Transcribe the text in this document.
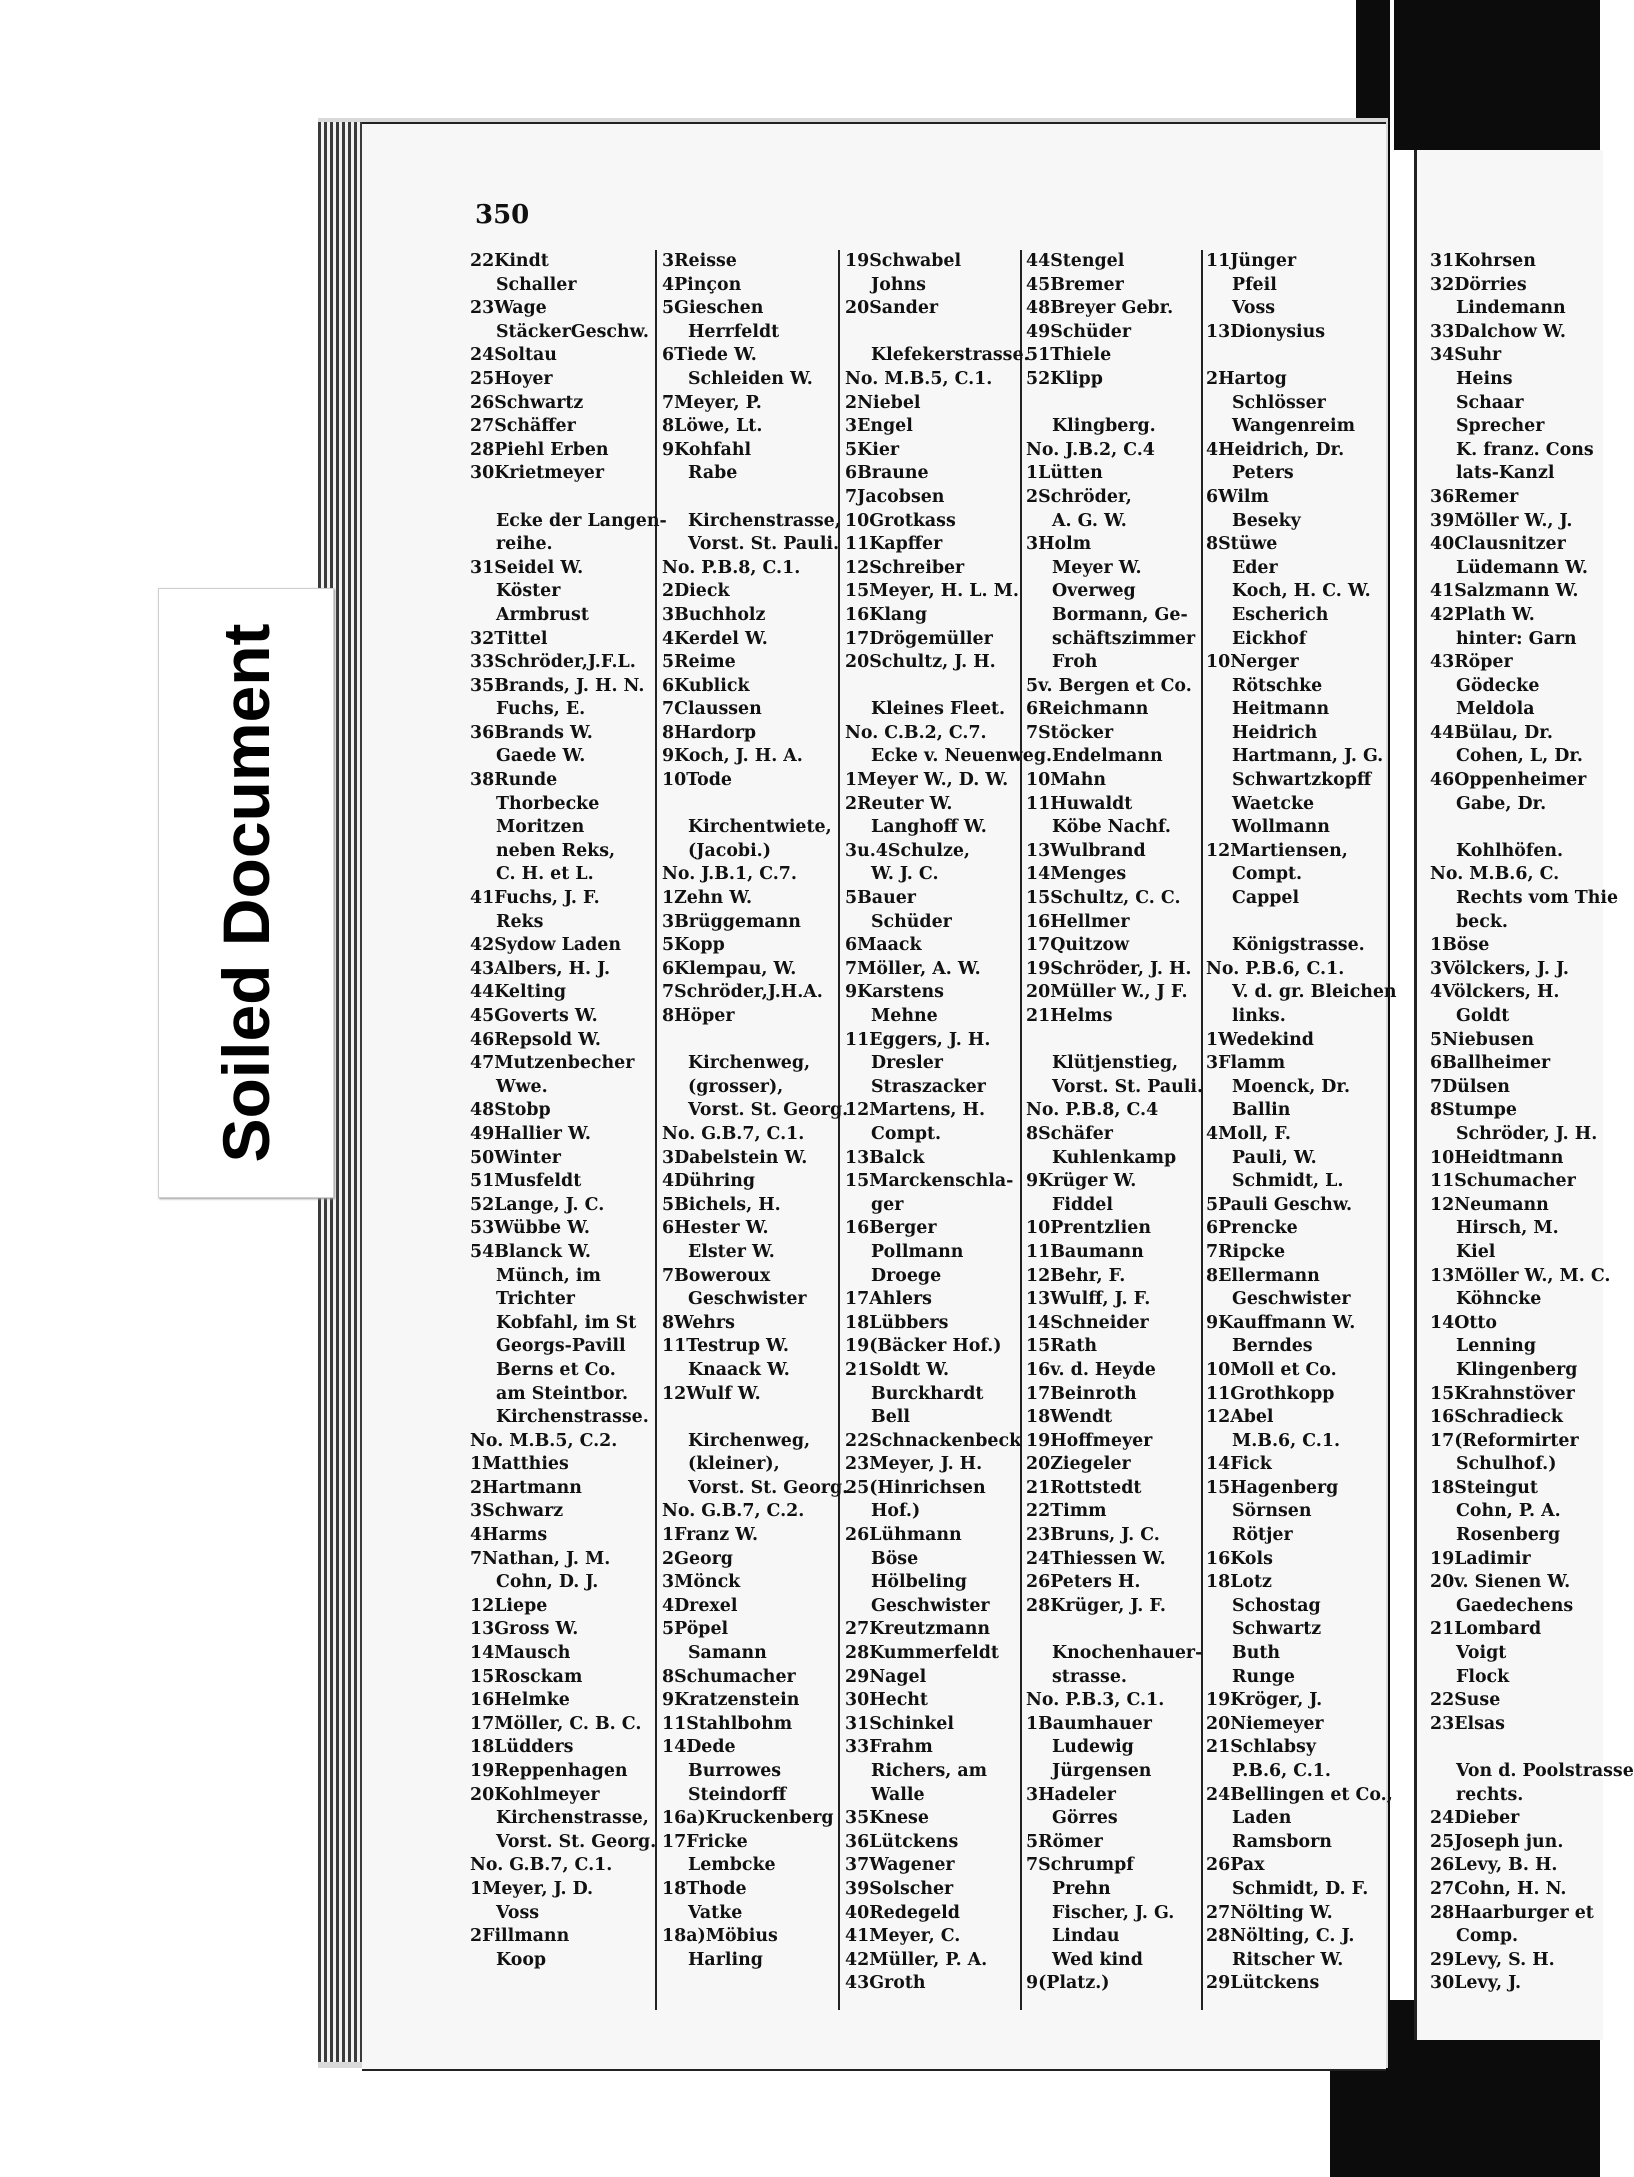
350
22Kindt
Schaller
23Wage
StäckerGeschw.
24Soltau
25Hoyer
26Schwartz
27Schäffer
28Piehl Erben
30Krietmeyer

Ecke der Langen-
reihe.
31Seidel W.
Köster
Armbrust
32Tittel
33Schröder,J.F.L.
35Brands, J. H. N.
Fuchs, E.
36Brands W.
Gaede W.
38Runde
Thorbecke
Moritzen
neben Reks,
C. H. et L.
41Fuchs, J. F.
Reks
42Sydow Laden
43Albers, H. J.
44Kelting
45Goverts W.
46Repsold W.
47Mutzenbecher
Wwe.
48Stobp
49Hallier W.
50Winter
51Musfeldt
52Lange, J. C.
53Wübbe W.
54Blanck W.
Münch, im
Trichter
Kobfahl, im St
Georgs-Pavill
Berns et Co.
am Steintbor.
Kirchenstrasse.
No. M.B.5, C.2.
1Matthies
2Hartmann
3Schwarz
4Harms
7Nathan, J. M.
Cohn, D. J.
12Liepe
13Gross W.
14Mausch
15Rosckam
16Helmke
17Möller, C. B. C.
18Lüdders
19Reppenhagen
20Kohlmeyer
Kirchenstrasse,
Vorst. St. Georg.
No. G.B.7, C.1.
1Meyer, J. D.
Voss
2Fillmann
Koop
3Reisse
4Pinçon
5Gieschen
Herrfeldt
6Tiede W.
Schleiden W.
7Meyer, P.
8Löwe, Lt.
9Kohfahl
Rabe

Kirchenstrasse,
Vorst. St. Pauli.
No. P.B.8, C.1.
2Dieck
3Buchholz
4Kerdel W.
5Reime
6Kublick
7Claussen
8Hardorp
9Koch, J. H. A.
10Tode

Kirchentwiete,
(Jacobi.)
No. J.B.1, C.7.
1Zehn W.
3Brüggemann
5Kopp
6Klempau, W.
7Schröder,J.H.A.
8Höper

Kirchenweg,
(grosser),
Vorst. St. Georg.
No. G.B.7, C.1.
3Dabelstein W.
4Dühring
5Bichels, H.
6Hester W.
Elster W.
7Boweroux
Geschwister
8Wehrs
11Testrup W.
Knaack W.
12Wulf W.

Kirchenweg,
(kleiner),
Vorst. St. Georg.
No. G.B.7, C.2.
1Franz W.
2Georg
3Mönck
4Drexel
5Pöpel
Samann
8Schumacher
9Kratzenstein
11Stahlbohm
14Dede
Burrowes
Steindorff
16a)Kruckenberg
17Fricke
Lembcke
18Thode
Vatke
18a)Möbius
Harling
19Schwabel
Johns
20Sander

Klefekerstrasse.
No. M.B.5, C.1.
2Niebel
3Engel
5Kier
6Braune
7Jacobsen
10Grotkass
11Kapffer
12Schreiber
15Meyer, H. L. M.
16Klang
17Drögemüller
20Schultz, J. H.

Kleines Fleet.
No. C.B.2, C.7.
Ecke v. Neuenweg.
1Meyer W., D. W.
2Reuter W.
Langhoff W.
3u.4Schulze,
W. J. C.
5Bauer
Schüder
6Maack
7Möller, A. W.
9Karstens
Mehne
11Eggers, J. H.
Dresler
Straszacker
12Martens, H.
Compt.
13Balck
15Marckenschla-
ger
16Berger
Pollmann
Droege
17Ahlers
18Lübbers
19(Bäcker Hof.)
21Soldt W.
Burckhardt
Bell
22Schnackenbeck
23Meyer, J. H.
25(Hinrichsen
Hof.)
26Lühmann
Böse
Hölbeling
Geschwister
27Kreutzmann
28Kummerfeldt
29Nagel
30Hecht
31Schinkel
33Frahm
Richers, am
Walle
35Knese
36Lütckens
37Wagener
39Solscher
40Redegeld
41Meyer, C.
42Müller, P. A.
43Groth
44Stengel
45Bremer
48Breyer Gebr.
49Schüder
51Thiele
52Klipp

Klingberg.
No. J.B.2, C.4
1Lütten
2Schröder,
A. G. W.
3Holm
Meyer W.
Overweg
Bormann, Ge-
schäftszimmer
Froh
5v. Bergen et Co.
6Reichmann
7Stöcker
Endelmann
10Mahn
11Huwaldt
Köbe Nachf.
13Wulbrand
14Menges
15Schultz, C. C.
16Hellmer
17Quitzow
19Schröder, J. H.
20Müller W., J F.
21Helms

Klütjenstieg,
Vorst. St. Pauli.
No. P.B.8, C.4
8Schäfer
Kuhlenkamp
9Krüger W.
Fiddel
10Prentzlien
11Baumann
12Behr, F.
13Wulff, J. F.
14Schneider
15Rath
16v. d. Heyde
17Beinroth
18Wendt
19Hoffmeyer
20Ziegeler
21Rottstedt
22Timm
23Bruns, J. C.
24Thiessen W.
26Peters H.
28Krüger, J. F.

Knochenhauer-
strasse.
No. P.B.3, C.1.
1Baumhauer
Ludewig
Jürgensen
3Hadeler
Görres
5Römer
7Schrumpf
Prehn
Fischer, J. G.
Lindau
Wed kind
9(Platz.)
11Jünger
Pfeil
Voss
13Dionysius

2Hartog
Schlösser
Wangenreim
4Heidrich, Dr.
Peters
6Wilm
Beseky
8Stüwe
Eder
Koch, H. C. W.
Escherich
Eickhof
10Nerger
Rötschke
Heitmann
Heidrich
Hartmann, J. G.
Schwartzkopff
Waetcke
Wollmann
12Martiensen,
Compt.
Cappel

Königstrasse.
No. P.B.6, C.1.
V. d. gr. Bleichen
links.
1Wedekind
3Flamm
Moenck, Dr.
Ballin
4Moll, F.
Pauli, W.
Schmidt, L.
5Pauli Geschw.
6Prencke
7Ripcke
8Ellermann
Geschwister
9Kauffmann W.
Berndes
10Moll et Co.
11Grothkopp
12Abel
M.B.6, C.1.
14Fick
15Hagenberg
Sörnsen
Rötjer
16Kols
18Lotz
Schostag
Schwartz
Buth
Runge
19Kröger, J.
20Niemeyer
21Schlabsy
P.B.6, C.1.
24Bellingen et Co.,
Laden
Ramsborn
26Pax
Schmidt, D. F.
27Nölting W.
28Nölting, C. J.
Ritscher W.
29Lütckens
31Kohrsen
32Dörries
Lindemann
33Dalchow W.
34Suhr
Heins
Schaar
Sprecher
K. franz. Cons
lats-Kanzl
36Remer
39Möller W., J.
40Clausnitzer
Lüdemann W.
41Salzmann W.
42Plath W.
hinter: Garn
43Röper
Gödecke
Meldola
44Bülau, Dr.
Cohen, L, Dr.
46Oppenheimer
Gabe, Dr.

Kohlhöfen.
No. M.B.6, C.
Rechts vom Thie
beck.
1Böse
3Völckers, J. J.
4Völckers, H.
Goldt
5Niebusen
6Ballheimer
7Dülsen
8Stumpe
Schröder, J. H.
10Heidtmann
11Schumacher
12Neumann
Hirsch, M.
Kiel
13Möller W., M. C.
Köhncke
14Otto
Lenning
Klingenberg
15Krahnstöver
16Schradieck
17(Reformirter
Schulhof.)
18Steingut
Cohn, P. A.
Rosenberg
19Ladimir
20v. Sienen W.
Gaedechens
21Lombard
Voigt
Flock
22Suse
23Elsas

Von d. Poolstrasse
rechts.
24Dieber
25Joseph jun.
26Levy, B. H.
27Cohn, H. N.
28Haarburger et
Comp.
29Levy, S. H.
30Levy, J.
Soiled Document
